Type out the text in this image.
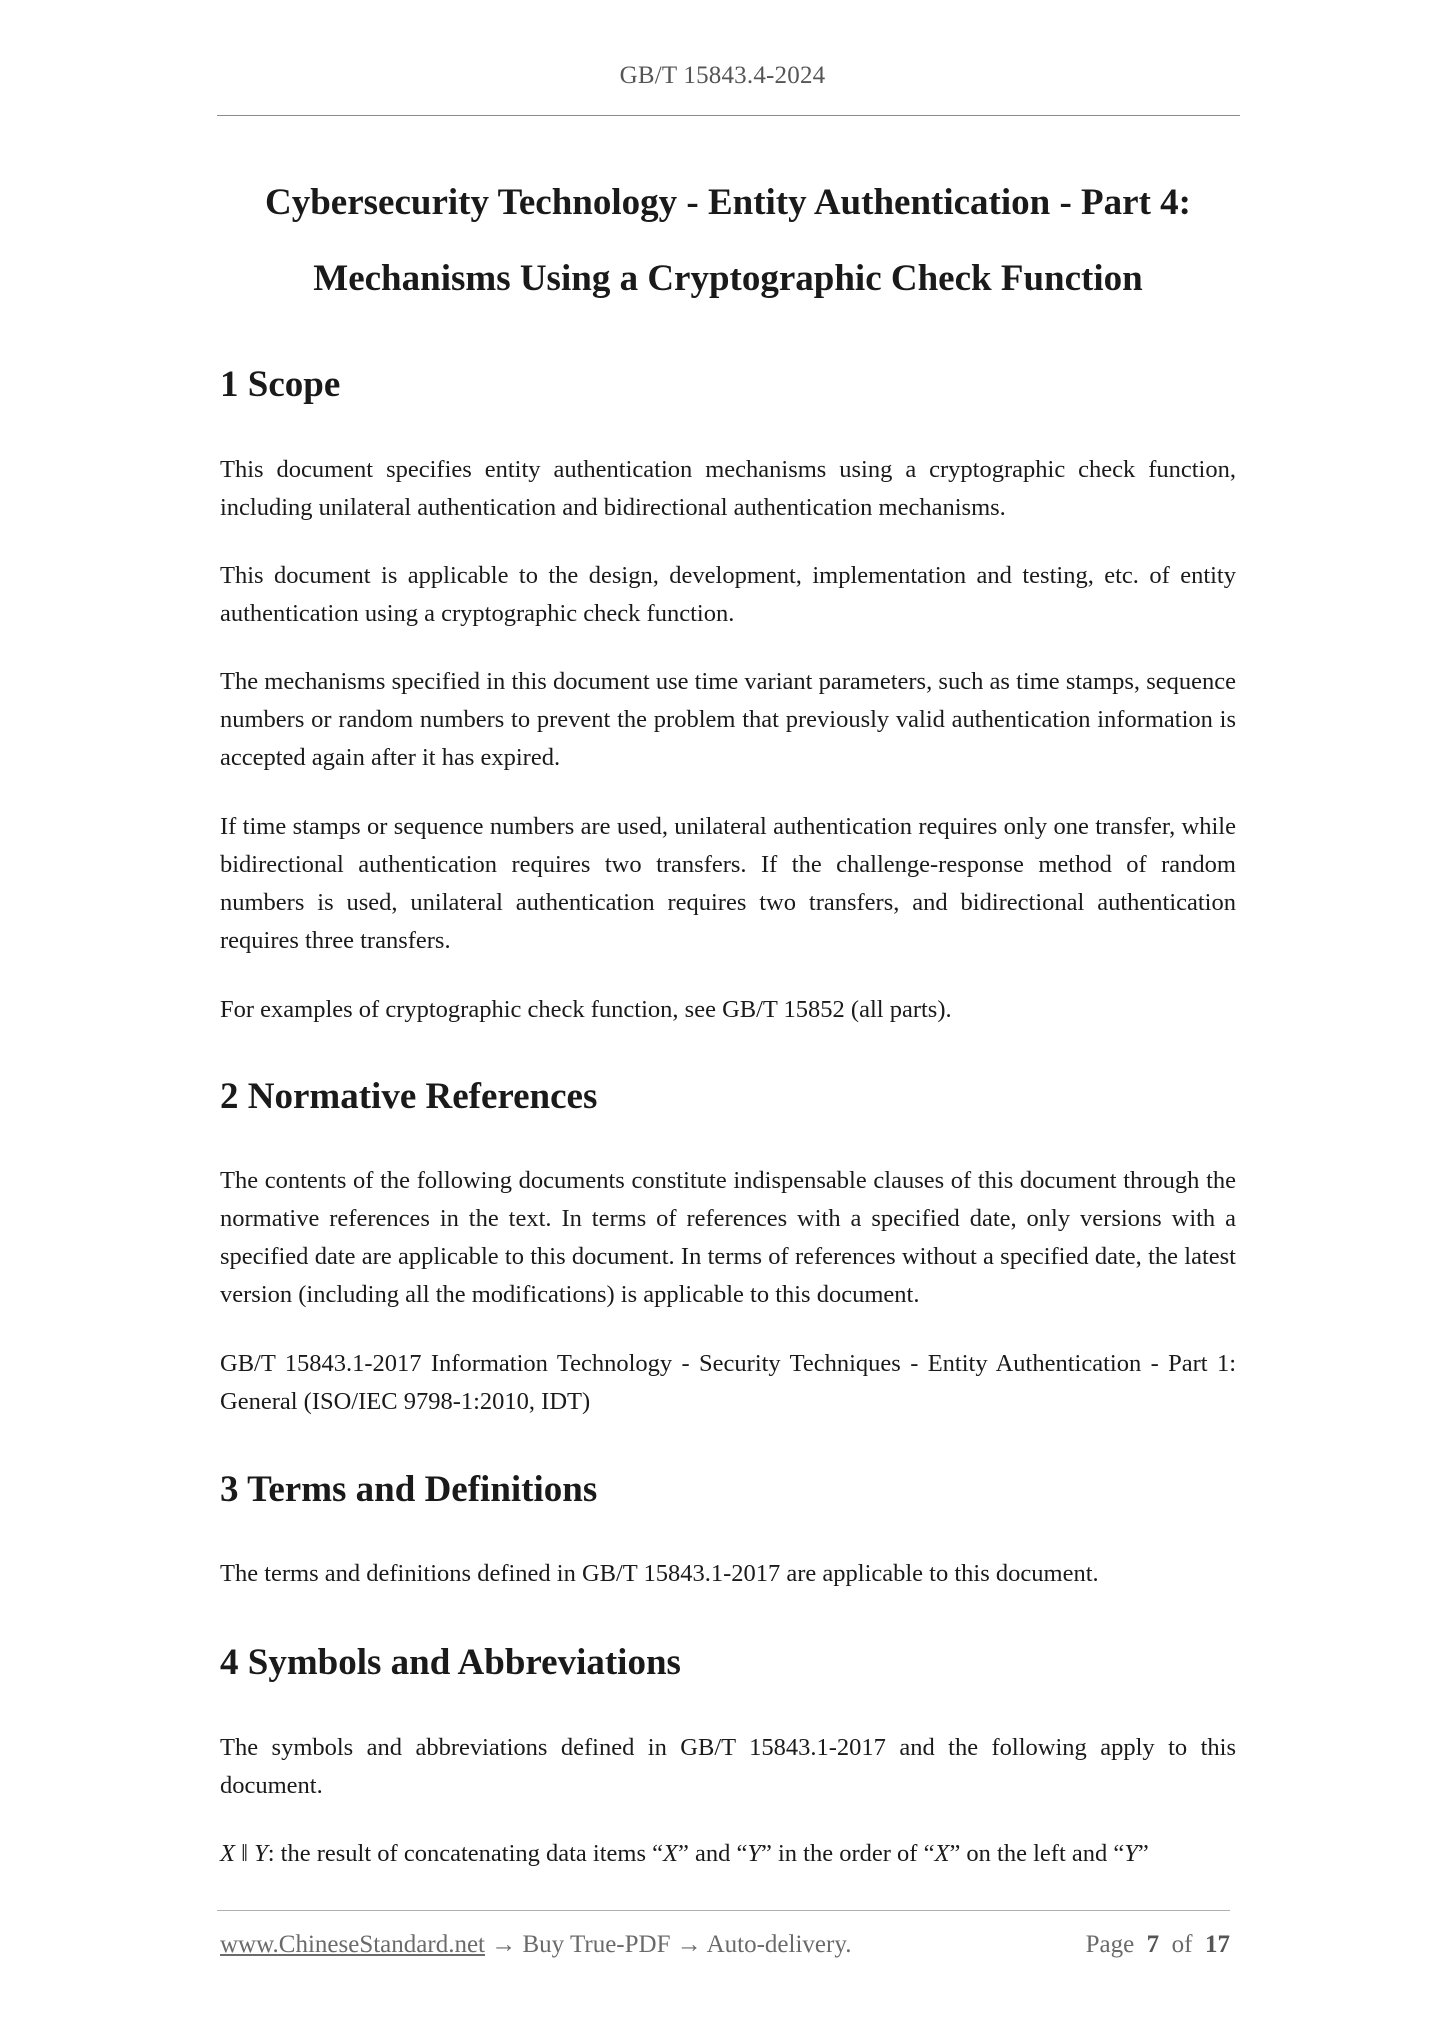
GB/T 15843.4-2024
Cybersecurity Technology - Entity Authentication - Part 4:
Mechanisms Using a Cryptographic Check Function
1 Scope

This document specifies entity authentication mechanisms using a cryptographic check function, including unilateral authentication and bidirectional authentication mechanisms.

This document is applicable to the design, development, implementation and testing, etc. of entity authentication using a cryptographic check function.

The mechanisms specified in this document use time variant parameters, such as time stamps, sequence numbers or random numbers to prevent the problem that previously valid authentication information is accepted again after it has expired.

If time stamps or sequence numbers are used, unilateral authentication requires only one transfer, while bidirectional authentication requires two transfers. If the challenge-response method of random numbers is used, unilateral authentication requires two transfers, and bidirectional authentication requires three transfers.

For examples of cryptographic check function, see GB/T 15852 (all parts).

2 Normative References

The contents of the following documents constitute indispensable clauses of this document through the normative references in the text. In terms of references with a specified date, only versions with a specified date are applicable to this document. In terms of references without a specified date, the latest version (including all the modifications) is applicable to this document.

GB/T 15843.1-2017 Information Technology - Security Techniques - Entity Authentication - Part 1: General (ISO/IEC 9798-1:2010, IDT)

3 Terms and Definitions

The terms and definitions defined in GB/T 15843.1-2017 are applicable to this document.

4 Symbols and Abbreviations

The symbols and abbreviations defined in GB/T 15843.1-2017 and the following apply to this document.

X ‖ Y: the result of concatenating data items “X” and “Y” in the order of “X” on the left and “Y”

www.ChineseStandard.net → Buy True-PDF → Auto-delivery.	Page 7 of 17
